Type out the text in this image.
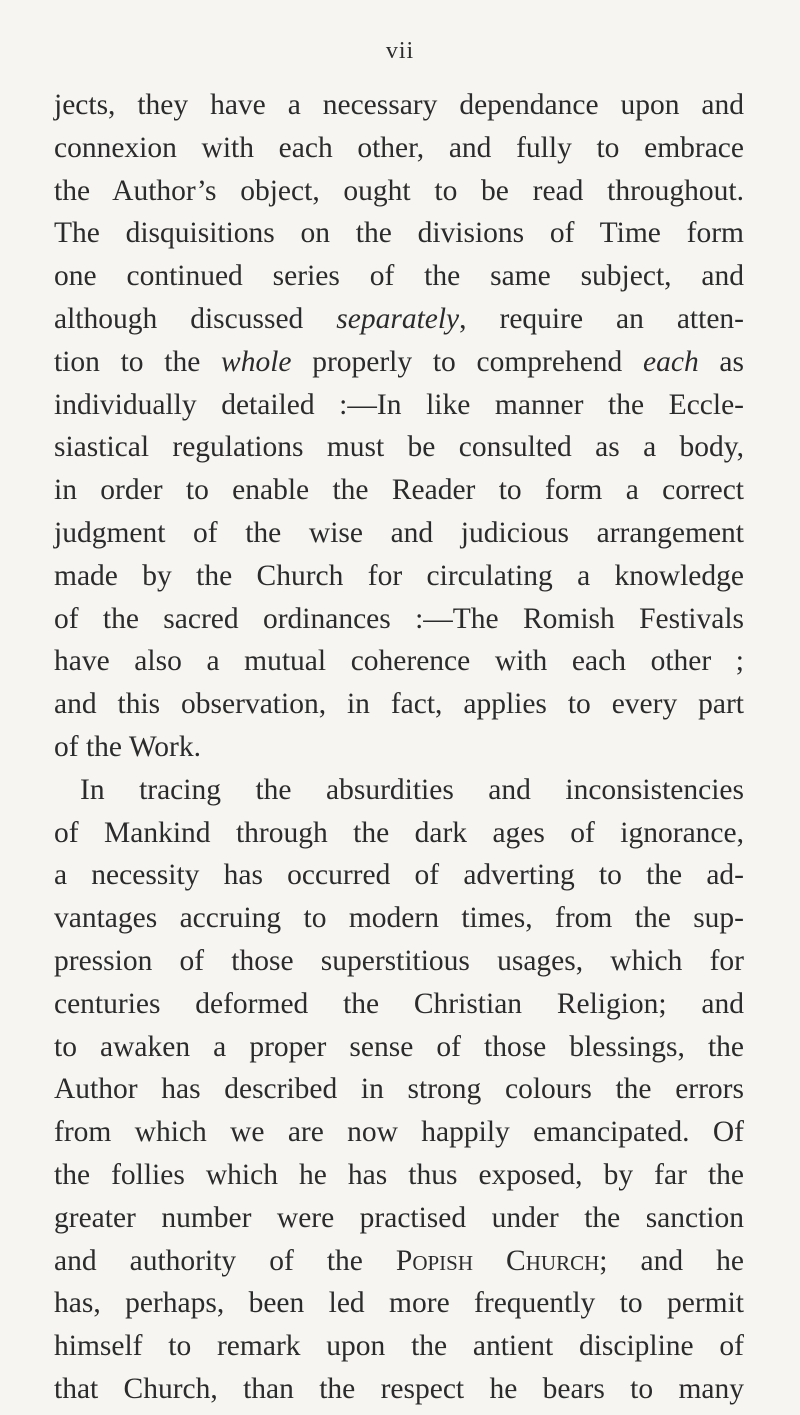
vii
jects, they have a necessary dependance upon and
connexion with each other, and fully to embrace
the Author’s object, ought to be read throughout.
The disquisitions on the divisions of Time form
one continued series of the same subject, and
although discussed separately, require an atten-
tion to the whole properly to comprehend each as
individually detailed :—In like manner the Eccle-
siastical regulations must be consulted as a body,
in order to enable the Reader to form a correct
judgment of the wise and judicious arrangement
made by the Church for circulating a knowledge
of the sacred ordinances :—The Romish Festivals
have also a mutual coherence with each other ;
and this observation, in fact, applies to every part
of the Work.
In tracing the absurdities and inconsistencies
of Mankind through the dark ages of ignorance,
a necessity has occurred of adverting to the ad-
vantages accruing to modern times, from the sup-
pression of those superstitious usages, which for
centuries deformed the Christian Religion; and
to awaken a proper sense of those blessings, the
Author has described in strong colours the errors
from which we are now happily emancipated. Of
the follies which he has thus exposed, by far the
greater number were practised under the sanction
and authority of the Popish Church; and he
has, perhaps, been led more frequently to permit
himself to remark upon the antient discipline of
that Church, than the respect he bears to many
